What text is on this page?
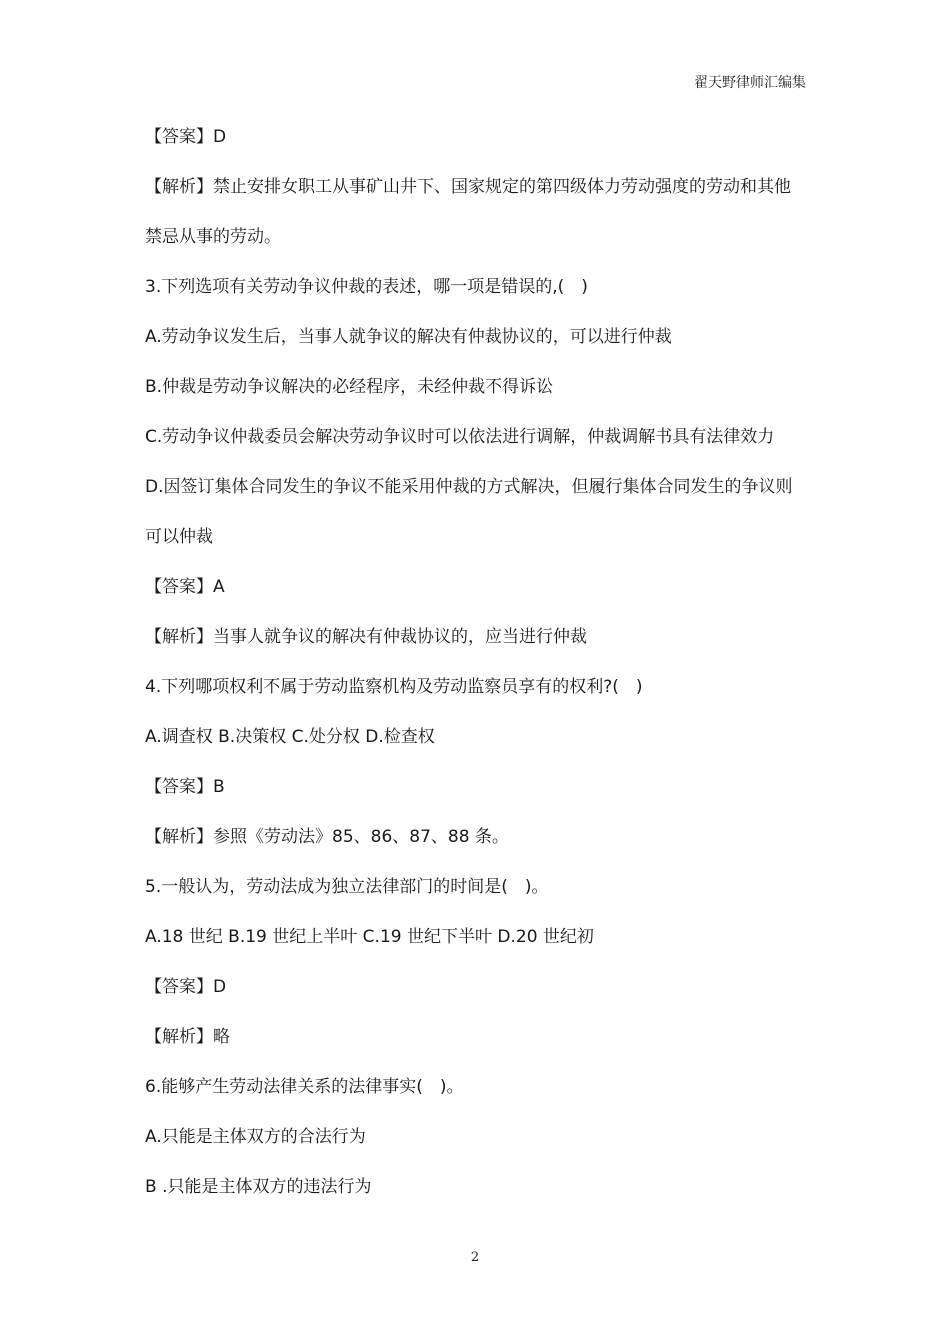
翟天野律师汇编集
【答案】D
【解析】禁止安排女职工从事矿山井下、国家规定的第四级体力劳动强度的劳动和其他
禁忌从事的劳动。
3.下列选项有关劳动争议仲裁的表述，哪一项是错误的,(　)
A.劳动争议发生后，当事人就争议的解决有仲裁协议的，可以进行仲裁
B.仲裁是劳动争议解决的必经程序，未经仲裁不得诉讼
C.劳动争议仲裁委员会解决劳动争议时可以依法进行调解，仲裁调解书具有法律效力
D.因签订集体合同发生的争议不能采用仲裁的方式解决，但履行集体合同发生的争议则
可以仲裁
【答案】A
【解析】当事人就争议的解决有仲裁协议的，应当进行仲裁
4.下列哪项权利不属于劳动监察机构及劳动监察员享有的权利?(　)
A.调查权 B.决策权 C.处分权 D.检查权
【答案】B
【解析】参照《劳动法》85、86、87、88 条。
5.一般认为，劳动法成为独立法律部门的时间是(　)。
A.18 世纪 B.19 世纪上半叶 C.19 世纪下半叶 D.20 世纪初
【答案】D
【解析】略
6.能够产生劳动法律关系的法律事实(　)。
A.只能是主体双方的合法行为
B .只能是主体双方的违法行为
2
